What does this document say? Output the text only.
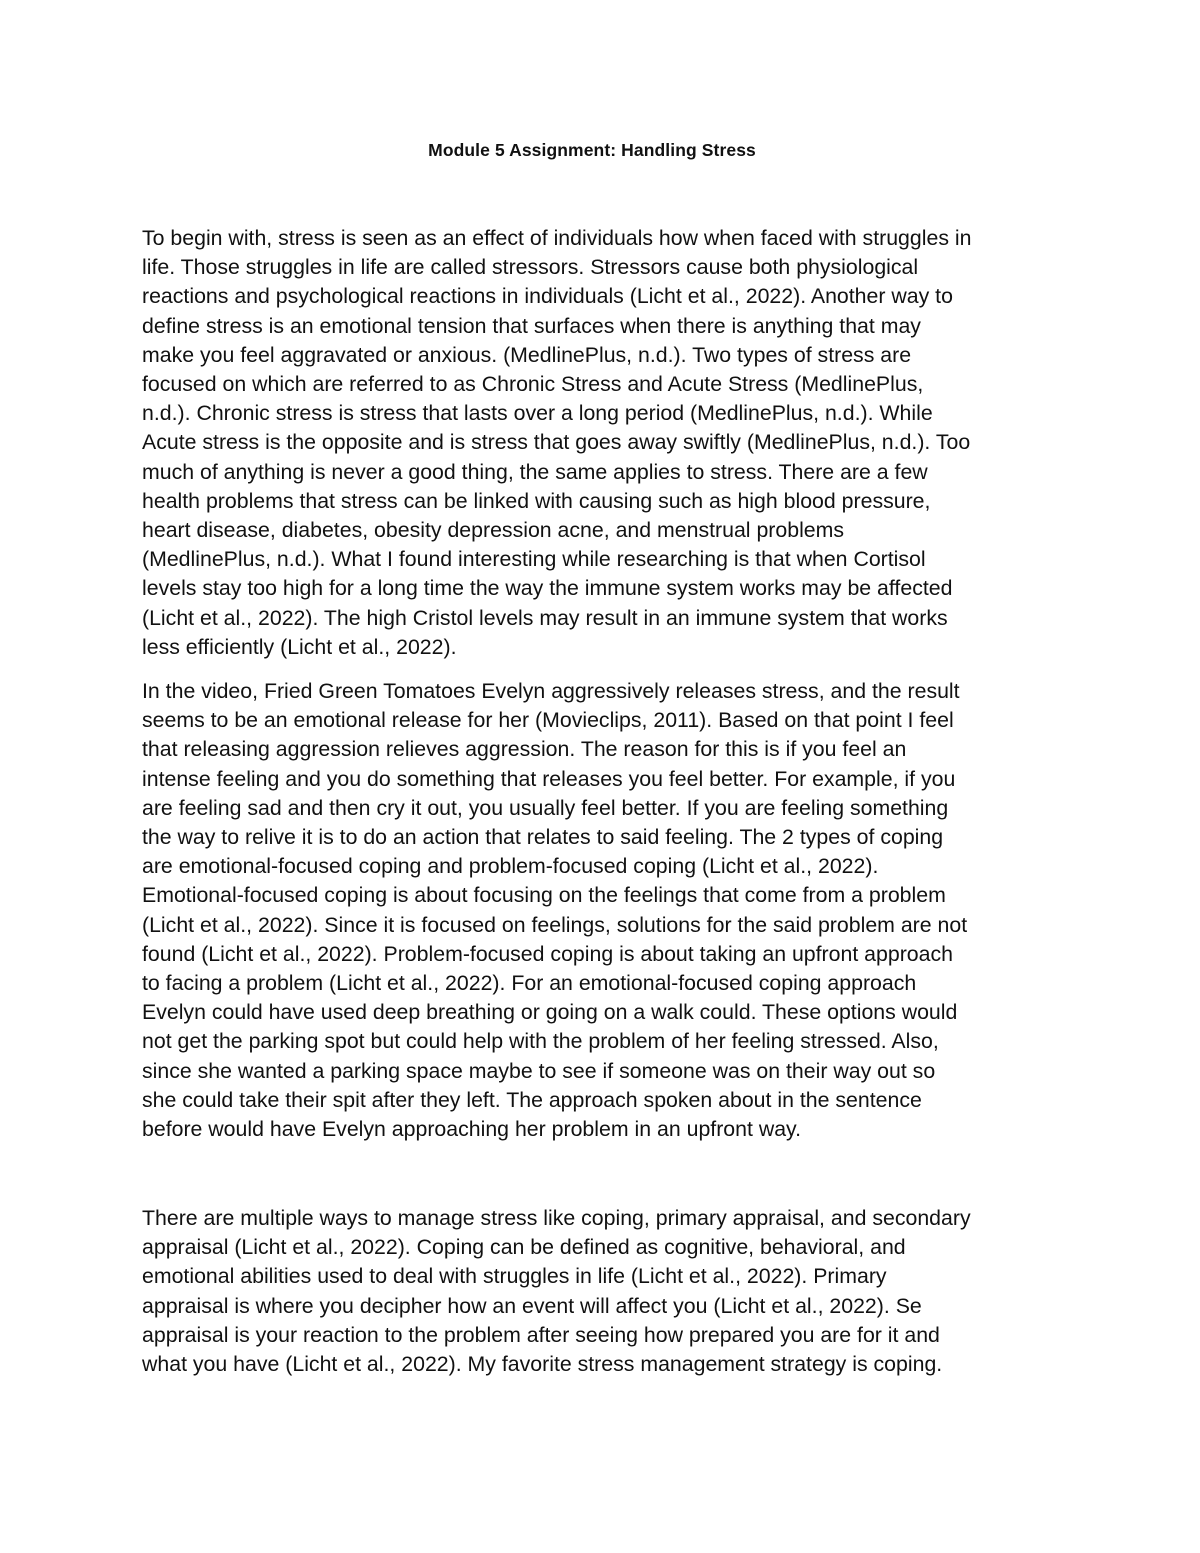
Module 5 Assignment: Handling Stress

To begin with, stress is seen as an effect of individuals how when faced with struggles in
life. Those struggles in life are called stressors. Stressors cause both physiological
reactions and psychological reactions in individuals (Licht et al., 2022). Another way to
define stress is an emotional tension that surfaces when there is anything that may
make you feel aggravated or anxious. (MedlinePlus, n.d.). Two types of stress are
focused on which are referred to as Chronic Stress and Acute Stress (MedlinePlus,
n.d.). Chronic stress is stress that lasts over a long period (MedlinePlus, n.d.). While
Acute stress is the opposite and is stress that goes away swiftly (MedlinePlus, n.d.). Too
much of anything is never a good thing, the same applies to stress. There are a few
health problems that stress can be linked with causing such as high blood pressure,
heart disease, diabetes, obesity depression acne, and menstrual problems
(MedlinePlus, n.d.). What I found interesting while researching is that when Cortisol
levels stay too high for a long time the way the immune system works may be affected
(Licht et al., 2022). The high Cristol levels may result in an immune system that works
less efficiently (Licht et al., 2022).

In the video, Fried Green Tomatoes Evelyn aggressively releases stress, and the result
seems to be an emotional release for her (Movieclips, 2011). Based on that point I feel
that releasing aggression relieves aggression. The reason for this is if you feel an
intense feeling and you do something that releases you feel better. For example, if you
are feeling sad and then cry it out, you usually feel better. If you are feeling something
the way to relive it is to do an action that relates to said feeling. The 2 types of coping
are emotional-focused coping and problem-focused coping (Licht et al., 2022).
Emotional-focused coping is about focusing on the feelings that come from a problem
(Licht et al., 2022). Since it is focused on feelings, solutions for the said problem are not
found (Licht et al., 2022). Problem-focused coping is about taking an upfront approach
to facing a problem (Licht et al., 2022). For an emotional-focused coping approach
Evelyn could have used deep breathing or going on a walk could. These options would
not get the parking spot but could help with the problem of her feeling stressed. Also,
since she wanted a parking space maybe to see if someone was on their way out so
she could take their spit after they left. The approach spoken about in the sentence
before would have Evelyn approaching her problem in an upfront way.

There are multiple ways to manage stress like coping, primary appraisal, and secondary
appraisal (Licht et al., 2022). Coping can be defined as cognitive, behavioral, and
emotional abilities used to deal with struggles in life (Licht et al., 2022). Primary
appraisal is where you decipher how an event will affect you (Licht et al., 2022). Se
appraisal is your reaction to the problem after seeing how prepared you are for it and
what you have (Licht et al., 2022). My favorite stress management strategy is coping.
